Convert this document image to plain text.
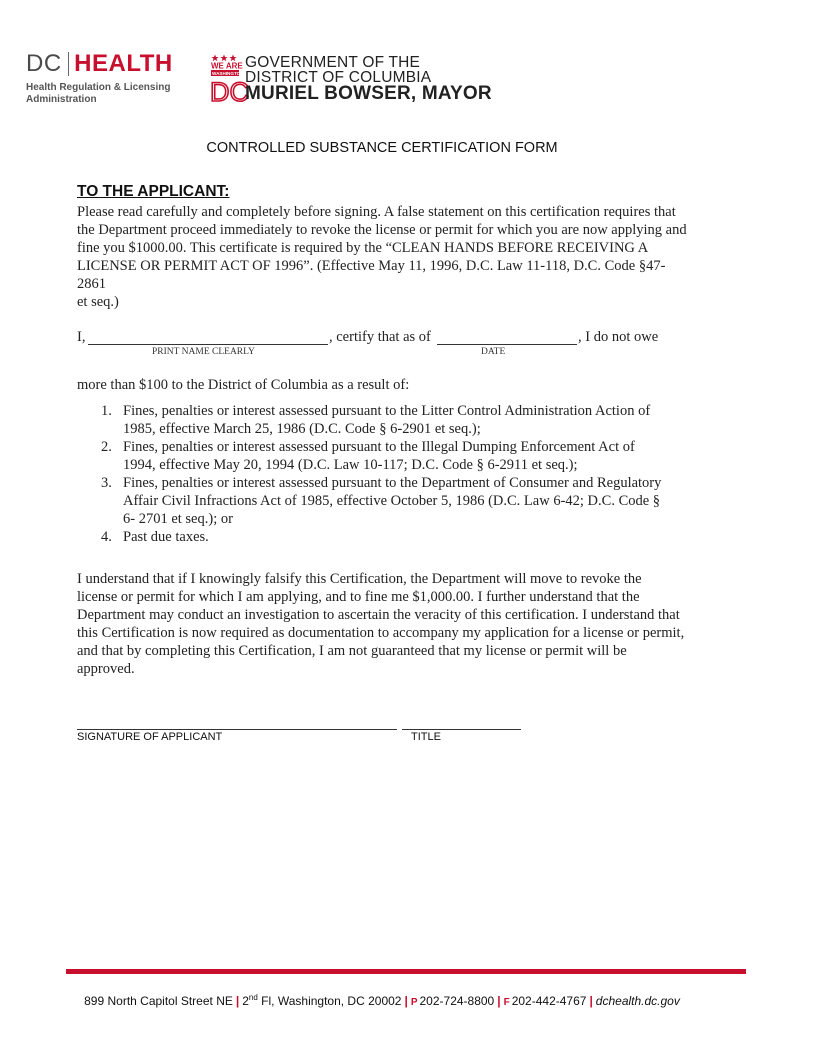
DC HEALTH
Health Regulation & Licensing
Administration
WE ARE
WASHINGTON
DC
GOVERNMENT OF THE
DISTRICT OF COLUMBIA
MURIEL BOWSER, MAYOR
CONTROLLED SUBSTANCE CERTIFICATION FORM
TO THE APPLICANT:
Please read carefully and completely before signing. A false statement on this certification requires that the Department proceed immediately to revoke the license or permit for which you are now applying and fine you $1000.00. This certificate is required by the “CLEAN HANDS BEFORE RECEIVING A LICENSE OR PERMIT ACT OF 1996”. (Effective May 11, 1996, D.C. Law 11-118, D.C. Code §47-2861
et seq.)
I,	, certify that as of	, I do not owe
PRINT NAME CLEARLY	DATE
more than $100 to the District of Columbia as a result of:
1. Fines, penalties or interest assessed pursuant to the Litter Control Administration Action of 1985, effective March 25, 1986 (D.C. Code § 6-2901 et seq.);
2. Fines, penalties or interest assessed pursuant to the Illegal Dumping Enforcement Act of 1994, effective May 20, 1994 (D.C. Law 10-117; D.C. Code § 6-2911 et seq.);
3. Fines, penalties or interest assessed pursuant to the Department of Consumer and Regulatory Affair Civil Infractions Act of 1985, effective October 5, 1986 (D.C. Law 6-42; D.C. Code § 6- 2701 et seq.); or
4. Past due taxes.
I understand that if I knowingly falsify this Certification, the Department will move to revoke the license or permit for which I am applying, and to fine me $1,000.00. I further understand that the Department may conduct an investigation to ascertain the veracity of this certification. I understand that this Certification is now required as documentation to accompany my application for a license or permit, and that by completing this Certification, I am not guaranteed that my license or permit will be approved.
SIGNATURE OF APPLICANT	TITLE
899 North Capitol Street NE | 2nd Fl, Washington, DC 20002 | P 202-724-8800 | F 202-442-4767 | dchealth.dc.gov
